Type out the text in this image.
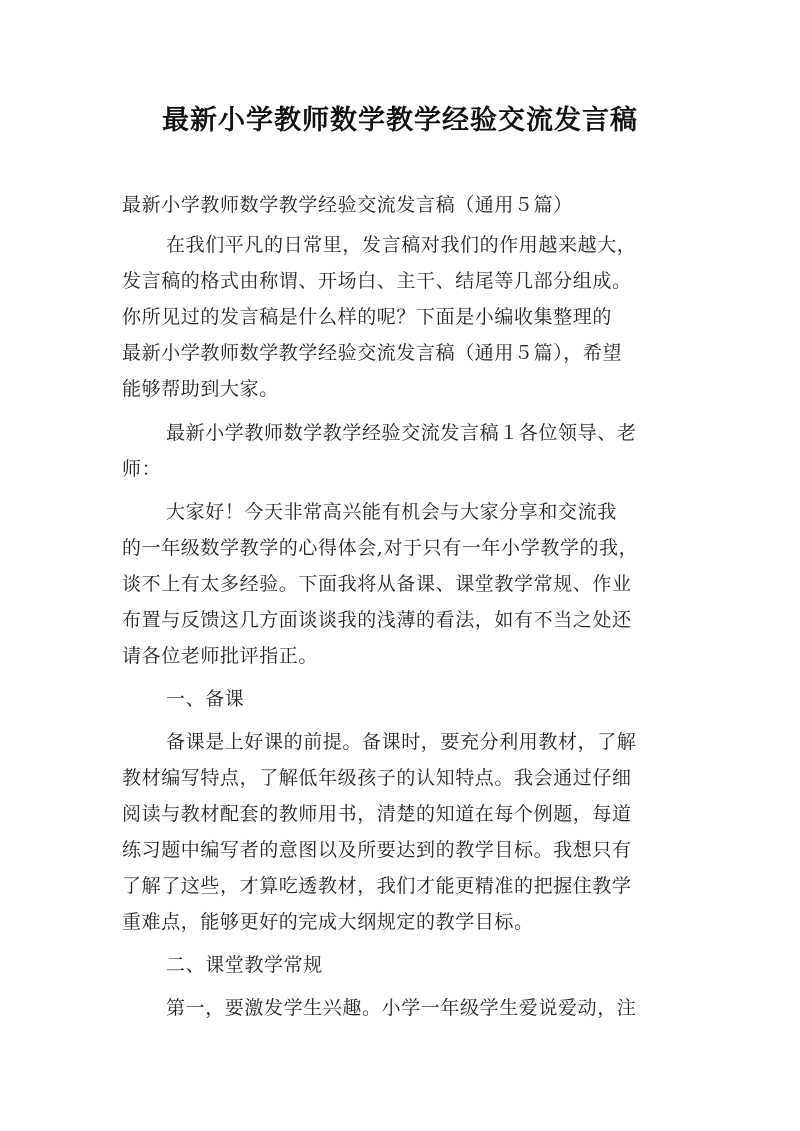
最新小学教师数学教学经验交流发言稿
最新小学教师数学教学经验交流发言稿（通用５篇）
在我们平凡的日常里，发言稿对我们的作用越来越大，
发言稿的格式由称谓、开场白、主干、结尾等几部分组成。
你所见过的发言稿是什么样的呢？下面是小编收集整理的
最新小学教师数学教学经验交流发言稿（通用５篇），希望
能够帮助到大家。
最新小学教师数学教学经验交流发言稿１各位领导、老
师：
大家好！今天非常高兴能有机会与大家分享和交流我
的一年级数学教学的心得体会,对于只有一年小学教学的我，
谈不上有太多经验。下面我将从备课、课堂教学常规、作业
布置与反馈这几方面谈谈我的浅薄的看法，如有不当之处还
请各位老师批评指正。
一、备课
备课是上好课的前提。备课时，要充分利用教材，了解
教材编写特点，了解低年级孩子的认知特点。我会通过仔细
阅读与教材配套的教师用书，清楚的知道在每个例题，每道
练习题中编写者的意图以及所要达到的教学目标。我想只有
了解了这些，才算吃透教材，我们才能更精准的把握住教学
重难点，能够更好的完成大纲规定的教学目标。
二、课堂教学常规
第一，要激发学生兴趣。小学一年级学生爱说爱动，注
